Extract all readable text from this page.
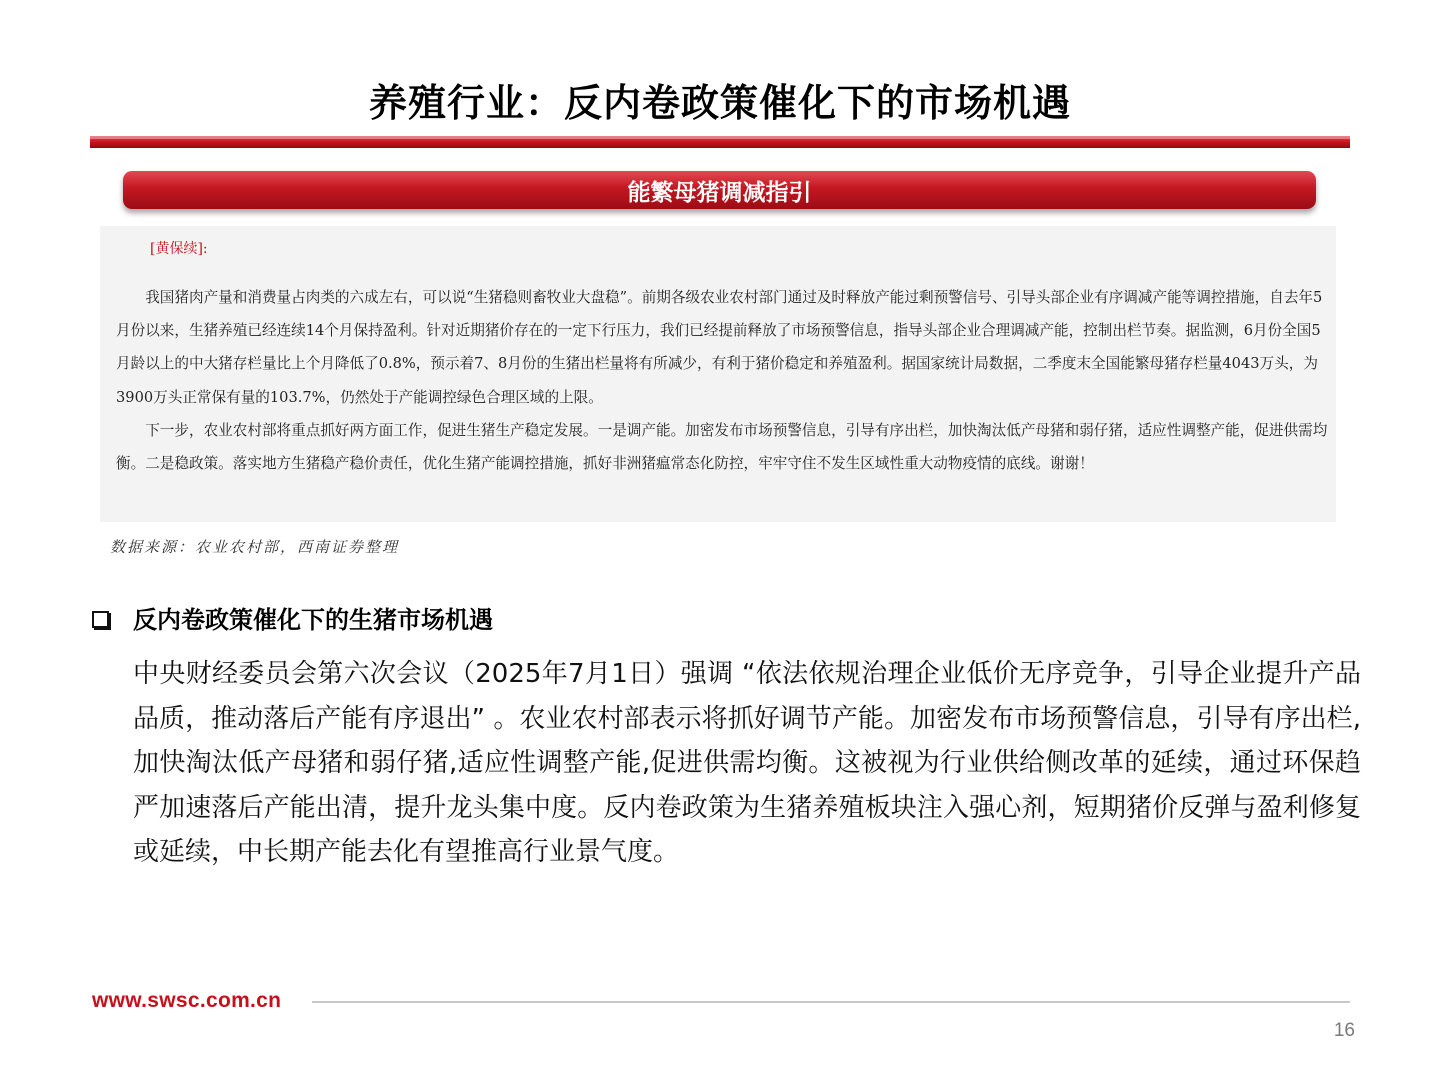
养殖行业：反内卷政策催化下的市场机遇
能繁母猪调减指引
[黄保续]:

我国猪肉产量和消费量占肉类的六成左右，可以说“生猪稳则畜牧业大盘稳”。前期各级农业农村部门通过及时释放产能过剩预警信号、引导头部企业有序调减产能等调控措施，自去年5月份以来，生猪养殖已经连续14个月保持盈利。针对近期猪价存在的一定下行压力，我们已经提前释放了市场预警信息，指导头部企业合理调减产能，控制出栏节奏。据监测，6月份全国5月龄以上的中大猪存栏量比上个月降低了0.8%，预示着7、8月份的生猪出栏量将有所减少，有利于猪价稳定和养殖盈利。据国家统计局数据，二季度末全国能繁母猪存栏量4043万头，为3900万头正常保有量的103.7%，仍然处于产能调控绿色合理区域的上限。

下一步，农业农村部将重点抓好两方面工作，促进生猪生产稳定发展。一是调产能。加密发布市场预警信息，引导有序出栏，加快淘汰低产母猪和弱仔猪，适应性调整产能，促进供需均衡。二是稳政策。落实地方生猪稳产稳价责任，优化生猪产能调控措施，抓好非洲猪瘟常态化防控，牢牢守住不发生区域性重大动物疫情的底线。谢谢！

数据来源：农业农村部，西南证券整理
反内卷政策催化下的生猪市场机遇
中央财经委员会第六次会议（2025年7月1日）强调 “依法依规治理企业低价无序竞争，引导企业提升产品品质，推动落后产能有序退出” 。农业农村部表示将抓好调节产能。加密发布市场预警信息，引导有序出栏,加快淘汰低产母猪和弱仔猪,适应性调整产能,促进供需均衡。这被视为行业供给侧改革的延续，通过环保趋严加速落后产能出清，提升龙头集中度。反内卷政策为生猪养殖板块注入强心剂，短期猪价反弹与盈利修复或延续，中长期产能去化有望推高行业景气度。
www.swsc.com.cn
16
